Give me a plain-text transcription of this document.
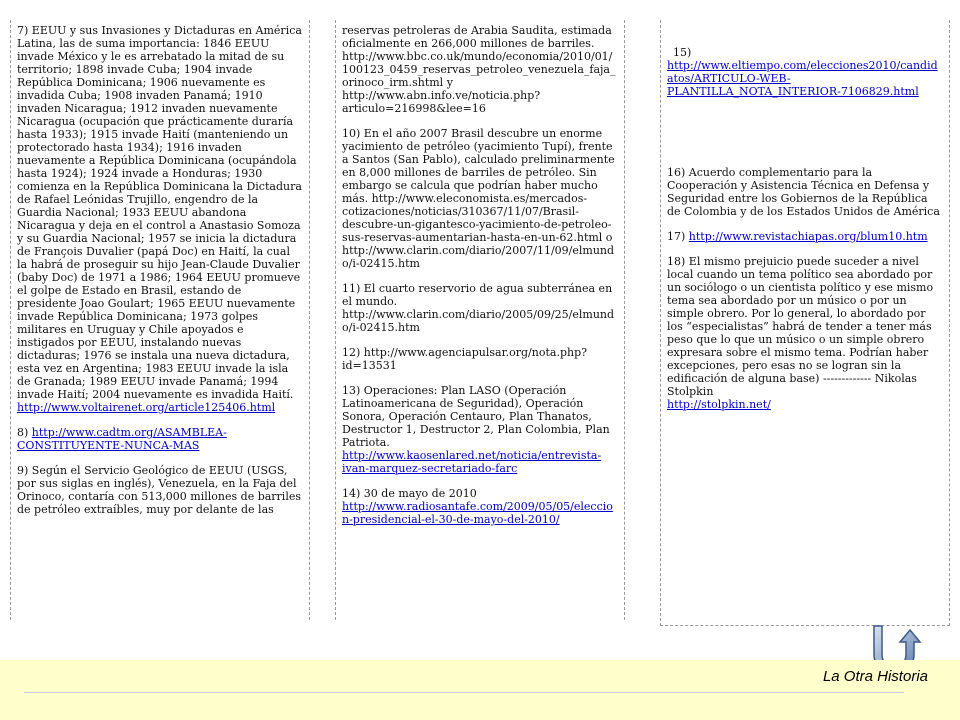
7) EEUU y sus Invasiones y Dictaduras en América Latina, las de suma importancia: 1846 EEUU invade México y le es arrebatado la mitad de su territorio; 1898 invade Cuba; 1904 invade República Dominicana; 1906 nuevamente es invadida Cuba; 1908 invaden Panamá; 1910 invaden Nicaragua; 1912 invaden nuevamente Nicaragua (ocupación que prácticamente duraría hasta 1933); 1915 invade Haití (manteniendo un protectorado hasta 1934); 1916 invaden nuevamente a República Dominicana (ocupándola hasta 1924); 1924 invade a Honduras; 1930 comienza en la República Dominicana la Dictadura de Rafael Leónidas Trujillo, engendro de la Guardia Nacional; 1933 EEUU abandona Nicaragua y deja en el control a Anastasio Somoza y su Guardia Nacional; 1957 se inicia la dictadura de François Duvalier (papá Doc) en Haití, la cual la habrá de proseguir su hijo Jean-Claude Duvalier (baby Doc) de 1971 a 1986; 1964 EEUU promueve el golpe de Estado en Brasil, estando de presidente Joao Goulart; 1965 EEUU nuevamente invade República Dominicana; 1973 golpes militares en Uruguay y Chile apoyados e instigados por EEUU, instalando nuevas dictaduras; 1976 se instala una nueva dictadura, esta vez en Argentina; 1983 EEUU invade la isla de Granada; 1989 EEUU invade Panamá; 1994 invade Haití; 2004 nuevamente es invadida Haití.
http://www.voltairenet.org/article125406.html

8) http://www.cadtm.org/ASAMBLEA-CONSTITUYENTE-NUNCA-MAS

9) Según el Servicio Geológico de EEUU (USGS, por sus siglas en inglés), Venezuela, en la Faja del Orinoco, contaría con 513,000 millones de barriles de petróleo extraíbles, muy por delante de las

reservas petroleras de Arabia Saudita, estimada oficialmente en 266,000 millones de barriles. http://www.bbc.co.uk/mundo/economia/2010/01/100123_0459_reservas_petroleo_venezuela_faja_orinoco_irm.shtml y http://www.abn.info.ve/noticia.php?articulo=216998&lee=16

10) En el año 2007 Brasil descubre un enorme yacimiento de petróleo (yacimiento Tupí), frente a Santos (San Pablo), calculado preliminarmente en 8,000 millones de barriles de petróleo. Sin embargo se calcula que podrían haber mucho más. http://www.eleconomista.es/mercados-cotizaciones/noticias/310367/11/07/Brasil-descubre-un-gigantesco-yacimiento-de-petroleo-sus-reservas-aumentarian-hasta-en-un-62.html o http://www.clarin.com/diario/2007/11/09/elmundo/i-02415.htm

11) El cuarto reservorio de agua subterránea en el mundo. http://www.clarin.com/diario/2005/09/25/elmundo/i-02415.htm

12) http://www.agenciapulsar.org/nota.php?id=13531

13) Operaciones: Plan LASO (Operación Latinoamericana de Seguridad), Operación Sonora, Operación Centauro, Plan Thanatos, Destructor 1, Destructor 2, Plan Colombia, Plan Patriota.
http://www.kaosenlared.net/noticia/entrevista-ivan-marquez-secretariado-farc

14) 30 de mayo de 2010
http://www.radiosantafe.com/2009/05/05/eleccion-presidencial-el-30-de-mayo-del-2010/

15)
http://www.eltiempo.com/elecciones2010/candidatos/ARTICULO-WEB-PLANTILLA_NOTA_INTERIOR-7106829.html

16) Acuerdo complementario para la Cooperación y Asistencia Técnica en Defensa y Seguridad entre los Gobiernos de la República de Colombia y de los Estados Unidos de América

17) http://www.revistachiapas.org/blum10.htm

18) El mismo prejuicio puede suceder a nivel local cuando un tema político sea abordado por un sociólogo o un cientista político y ese mismo tema sea abordado por un músico o por un simple obrero. Por lo general, lo abordado por los “especialistas” habrá de tender a tener más peso que lo que un músico o un simple obrero expresara sobre el mismo tema. Podrían haber excepciones, pero esas no se logran sin la edificación de alguna base) ------------- Nikolas Stolpkin
http://stolpkin.net/

La Otra Historia
